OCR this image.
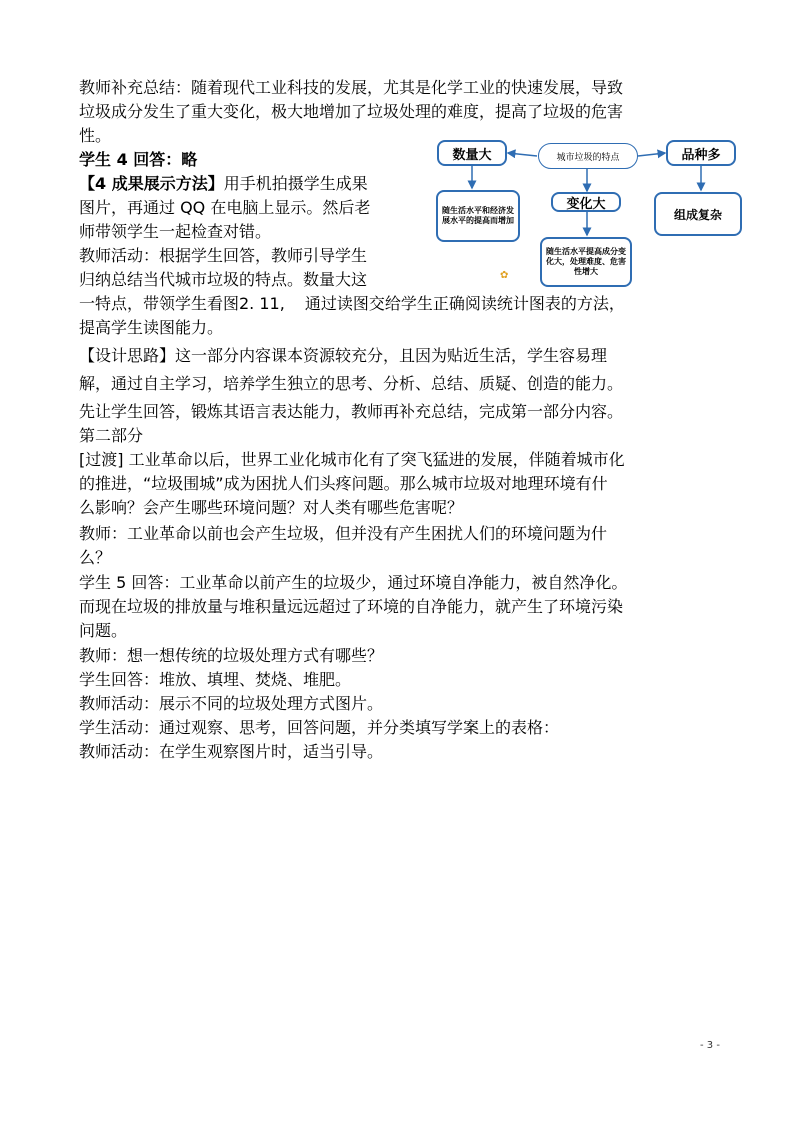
教师补充总结：随着现代工业科技的发展，尤其是化学工业的快速发展，导致
垃圾成分发生了重大变化，极大地增加了垃圾处理的难度，提高了垃圾的危害
性。
学生 4 回答：略
【4 成果展示方法】用手机拍摄学生成果
图片，再通过 QQ 在电脑上显示。然后老
师带领学生一起检查对错。
教师活动：根据学生回答，教师引导学生
归纳总结当代城市垃圾的特点。数量大这
一特点，带领学生看图2. 11, 通过读图交给学生正确阅读统计图表的方法，
提高学生读图能力。
【设计思路】这一部分内容课本资源较充分，且因为贴近生活，学生容易理
解，通过自主学习，培养学生独立的思考、分析、总结、质疑、创造的能力。
先让学生回答，锻炼其语言表达能力，教师再补充总结，完成第一部分内容。
第二部分
[过渡] 工业革命以后，世界工业化城市化有了突飞猛进的发展，伴随着城市化
的推进，“垃圾围城”成为困扰人们头疼问题。那么城市垃圾对地理环境有什
么影响？会产生哪些环境问题？对人类有哪些危害呢？
教师：工业革命以前也会产生垃圾，但并没有产生困扰人们的环境问题为什
么？
学生 5 回答：工业革命以前产生的垃圾少，通过环境自净能力，被自然净化。
而现在垃圾的排放量与堆积量远远超过了环境的自净能力，就产生了环境污染
问题。
教师：想一想传统的垃圾处理方式有哪些？
学生回答：堆放、填埋、焚烧、堆肥。
教师活动：展示不同的垃圾处理方式图片。
学生活动：通过观察、思考，回答问题，并分类填写学案上的表格：
教师活动：在学生观察图片时，适当引导。
数量大	城市垃圾的特点	品种多
随生活水平和经济发展水平的提高而增加
变化大
组成复杂
随生活水平提高成分变化大，处理难度、危害性增大
✿
- 3 -
